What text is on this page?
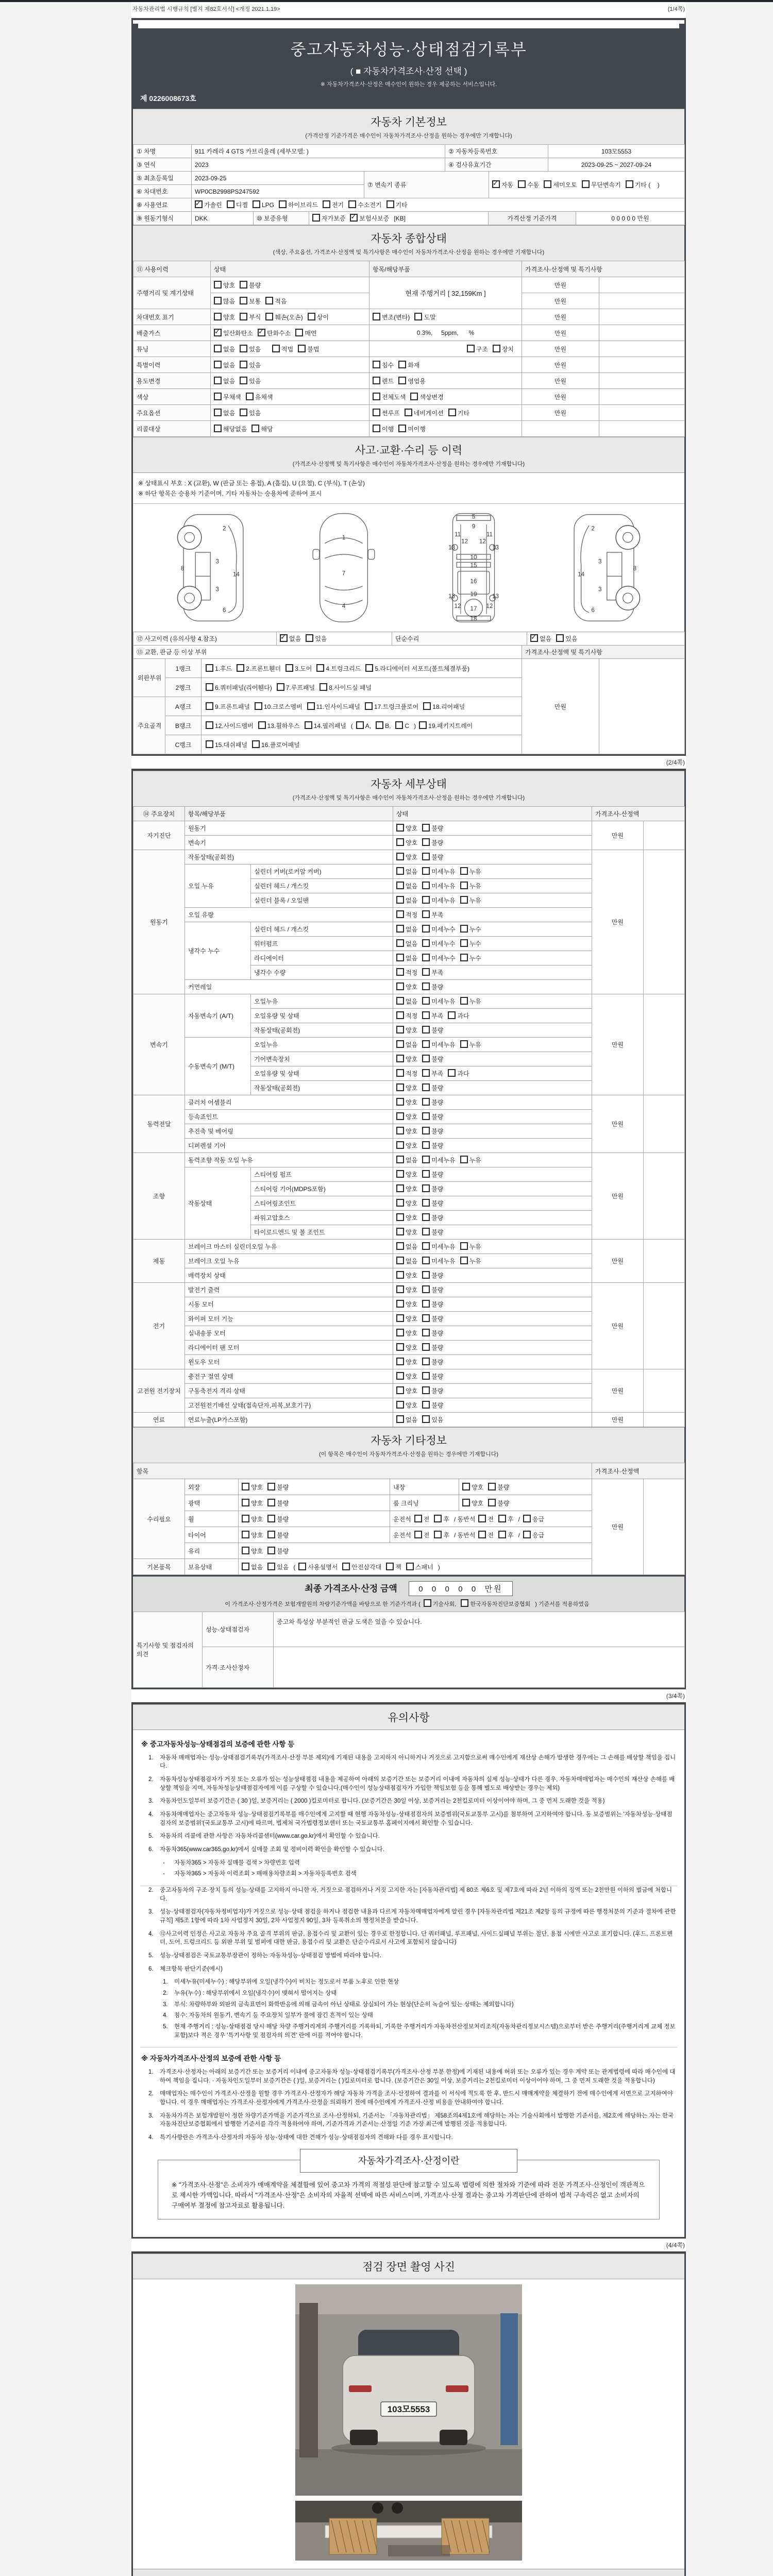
자동차관리법 시행규칙 [별지 제82호서식] <개정 2021.1.19>	(1/4쪽)
중고자동차성능·상태점검기록부
( ■ 자동차가격조사·산정 선택 )
※ 자동차가격조사·산정은 매수인이 원하는 경우 제공하는 서비스입니다.
제 0226008673호
자동차 기본정보
(가격산정 기준가격은 매수인이 자동차가격조사·산정을 원하는 경우에만 기재합니다)
① 차명	911 카레라 4 GTS 카브리올레 (세부모델: )	② 자동차등록번호	103모5553
③ 연식	2023	④ 검사유효기간	2023-09-25 ~ 2027-09-24
⑤ 최초등록일	2023-09-25	⑦ 변속기 종류	✓자동 수동 세미오토 무단변속기 기타 (    )
⑥ 차대번호	WP0CB2998PS247592		
⑧ 사용연료	✓가솔린 디젤 LPG 하이브리드 전기 수소전기 기타
⑨ 원동기형식	DKK	⑩ 보증유형	자가보증 ✓ 보험사보증 [KB]	가격산정 기준가격	0 0 0 0 0 만원
자동차 종합상태
(색상, 주요옵션, 가격조사·산정액 및 특기사항은 매수인이 자동차가격조사·산정을 원하는 경우에만 기재합니다)
⑪ 사용이력	상태	항목/해당부품	가격조사·산정액 및 특기사항	
주행거리 및 계기상태	양호 불량	현재 주행거리 [ 32,159Km ]	만원	
	많음 보통 적음		만원	
차대번호 표기	양호 부식 훼손(오손) 상이	변조(변타) 도말	만원	
배출가스	✓일산화탄소 ✓ 탄화수소 매연	0.3%,     5ppm,      %	만원	
튜닝	없음 있음 적법 불법	구조 장치	만원	
특별이력	없음 있음	침수 화재	만원	
용도변경	없음 있음	렌트 영업용	만원	
색상	무채색 유채색	전체도색 색상변경	만원	
주요옵션	없음 있음	썬루프 네비게이션 기타	만원	
리콜대상	해당없음 해당	이행 미이행		
사고·교환·수리 등 이력
(가격조사·산정액 및 특기사항은 매수인이 자동차가격조사·산정을 원하는 경우에만 기재합니다)
※ 상태표시 부호 : X (교환), W (판금 또는 용접), A (흠집), U (요철), C (부식), T (손상)
※ 하단 항목은 승용차 기준이며, 기타 자동차는 승용차에 준하여 표시
2
8
3
14
3
6
1
7
4
5
9
11	11
13	13
12 12
10
15
16
13	13
19
12	12
17
18
2
8
3
14
3
6
⑫ 사고이력 (유의사항 4.참조)	✓없음 있음	단순수리	✓없음 있음
⑬ 교환, 판금 등 이상 부위	가격조사·산정액 및 특기사항
외판부위	1랭크	1.후드 2.프론트휀더 3.도어 4.트렁크리드 5.라디에이터 서포트(볼트체결부품)	만원	
	2랭크	6.쿼터패널(리어휀다) 7.루프패널 8.사이드실 패널		
주요골격	A랭크	9.프론트패널 10.크로스멤버 11.인사이드패널 17.트렁크플로어 18.리어패널		
	B랭크	12.사이드멤버 13.휠하우스 14.필러패널 ( A, B, C ) 19.패키지트레이		
	C랭크	15.대쉬패널 16.플로어패널		
(2/4쪽)
자동차 세부상태
(가격조사·산정액 및 특기사항은 매수인이 자동차가격조사·산정을 원하는 경우에만 기재합니다)
⑭ 주요장치	항목/해당부품		상태	가격조사·산정액	
자기진단	원동기		양호 불량	만원	
	변속기		양호 불량		
원동기	작동상태(공회전)		양호 불량	만원	
	오일 누유	실린더 커버(로커암 커버)	없음 미세누유 누유		
		실린더 헤드 / 개스킷	없음 미세누유 누유		
		실린더 블록 / 오일팬	없음 미세누유 누유		
	오일 유량		적정 부족		
	냉각수 누수	실린더 헤드 / 개스킷	없음 미세누수 누수		
		워터펌프	없음 미세누수 누수		
		라디에이터	없음 미세누수 누수		
		냉각수 수량	적정 부족		
	커먼레일		양호 불량		
변속기	자동변속기 (A/T)	오일누유	없음 미세누유 누유	만원	
		오일유량 및 상태	적정 부족 과다		
		작동상태(공회전)	양호 불량		
	수동변속기 (M/T)	오일누유	없음 미세누유 누유		
		기어변속장치	양호 불량		
		오일유량 및 상태	적정 부족 과다		
		작동상태(공회전)	양호 불량		
동력전달	클러치 어셈블리		양호 불량	만원	
	등속죠인트		양호 불량		
	추진축 및 베어링		양호 불량		
	디퍼렌셜 기어		양호 불량		
조향	동력조향 작동 오일 누유		없음 미세누유 누유	만원	
	작동상태	스티어링 펌프	양호 불량		
		스티어링 기어(MDPS포함)	양호 불량		
		스티어링조인트	양호 불량		
		파워고압호스	양호 불량		
		타이로드엔드 및 볼 조인트	양호 불량		
제동	브레이크 마스터 실린더오일 누유		없음 미세누유 누유	만원	
	브레이크 오일 누유		없음 미세누유 누유		
	배력장치 상태		양호 불량		
전기	발전기 출력		양호 불량	만원	
	시동 모터		양호 불량		
	와이퍼 모터 기능		양호 불량		
	실내송풍 모터		양호 불량		
	라디에이터 팬 모터		양호 불량		
	윈도우 모터		양호 불량		
고전원 전기장치	충전구 절연 상태		양호 불량	만원	
	구동축전지 격리 상태		양호 불량		
	고전원전기배선 상태(접속단자,피복,보호기구)		양호 불량		
연료	연료누출(LP가스포함)		없음 있음	만원	
자동차 기타정보
(이 항목은 매수인이 자동차가격조사·산정을 원하는 경우에만 기재합니다)
항목					가격조사·산정액	
수리필요	외장	양호 불량	내장	양호 불량	만원	
	광택	양호 불량	룸 크리닝	양호 불량		
	휠	양호 불량	운전석 전 후 / 동반석 전 후 / 응급			
	타이어	양호 불량	운전석 전 후 / 동반석 전 후 / 응급			
	유리	양호 불량				
기본품목	보유상태	없음 있음 ( 사용설명서 안전삼각대 잭 스패너 )				
최종 가격조사·산정 금액	0  0  0  0  0  만원
이 가격조사·산정가격은 보험개발원의 차량기준가액을 바탕으로 한 기준가격과 ( 기술사회, 한국자동차진단보증협회 ) 기준서를 적용하였음
특기사항 및 점검자의 의견	성능·상태점검자	중고차 특성상 부분적인 판금 도색은 있을 수 있습니다.
	가격·조사산정자	
(3/4쪽)
유의사항
※ 중고자동차성능·상태점검의 보증에 관한 사항 등
1.	자동차 매매업자는 성능·상태점검기록부(가격조사·산정 부분 제외)에 기재된 내용을 고지하지 아니하거나 거짓으로 고지함으로써 매수인에게 재산상 손해가 발생한 경우에는 그 손해를 배상할 책임을 집니다.
2.	자동차성능상태점검자가 거짓 또는 오류가 있는 성능상태점검 내용을 제공하여 아래의 보증기간 또는 보증거리 이내에 자동차의 실제 성능·상태가 다른 경우, 자동차매매업자는 매수인의 재산상 손해를 배상할 책임을 지며, 자동차성능상태점검자에게 이를 구상할 수 있습니다.(매수인이 성능상태점검자가 가입한 책임보험 등을 통해 별도로 배상받는 경우는 제외)
3.	자동차인도일부터 보증기간은 ( 30 )일, 보증거리는 ( 2000 )킬로미터로 합니다. (보증기간은 30일 이상, 보증거리는 2천킬로미터 이상이어야 하며, 그 중 먼저 도래한 것을 적용)
4.	자동차매매업자는 중고자동차 성능·상태점검기록부를 매수인에게 고지할 때 현행 자동차성능·상태점검자의 보증범위(국토교통부 고시)를 첨부하여 고지하여야 합니다. 동 보증범위는 '자동차성능·상태점검자의 보증범위'(국토교통부 고시)에 따르며, 법제처 국가법령정보센터 또는 국토교통부 홈페이지에서 확인할 수 있습니다.
5.	자동차의 리콜에 관한 사항은 자동차리콜센터(www.car.go.kr)에서 확인할 수 있습니다.
6.	자동차365(www.car365.go.kr)에서 실매물 조회 및 정비이력 확인을 확인할 수 있습니다.
-	자동차365 > 자동차 실매물 검색 > 차량번호 입력
-	자동차365 > 자동차 이력조회 > 매매용차량조회 > 자동차등록번호 검색
2.	중고자동차의 구조·장치 등의 성능·상태를 고지하지 아니한 자, 거짓으로 점검하거나 거짓 고지한 자는 [자동차관리법] 제 80조 제6호 및 제7호에 따라 2년 이하의 징역 또는 2천만원 이하의 벌금에 처합니다.
3.	성능·상태점검자(자동차정비업자)가 거짓으로 성능·상태 점검을 하거나 점검한 내용과 다르게 자동차매매업자에게 알린 경우 [자동차관리법 제21조 제2항 등의 규정에 따른 행정처분의 기준과 절차에 관한 규칙] 제5조 1항에 따라 1차 사업정지 30일, 2차 사업정지 90일, 3차 등록취소의 행정처분을 받습니다.
4.	⑫사고이력 인정은 사고로 자동차 주요 골격 부위의 판금, 용접수리 및 교환이 있는 경우로 한정합니다. 단 쿼터패널, 루프패널, 사이드실패널 부위는 절단, 용접 시에만 사고로 표기합니다. (후드, 프론트펜더, 도어, 트렁크리드 등 외판 부위 및 범퍼에 대한 판금, 용접수리 및 교환은 단순수리로서 사고에 포함되지 않습니다)
5.	성능·상태점검은 국토교통부장관이 정하는 자동차성능·상태점검 방법에 따라야 합니다.
6.	체크항목 판단기준(예시)
1.	미세누유(미세누수) : 해당부위에 오일(냉각수)이 비치는 정도로서 부품 노후로 인한 현상
2.	누유(누수) : 해당부위에서 오일(냉각수)이 맺혀서 떨어지는 상태
3.	부식: 차량하부와 외판의 금속표면이 화학반응에 의해 금속이 아닌 상태로 상실되어 가는 현상(단순히 녹슬어 있는 상태는 제외합니다)
4.	침수: 자동차의 원동기, 변속기 등 주요장치 일부가 물에 잠긴 흔적이 있는 상태
5.	현재 주행거리 : 성능·상태점검 당시 해당 차량 주행거리계의 주행거리를 기록하되, 기록한 주행거리가 자동차전산정보처리조직(자동차관리정보시스템)으로부터 받은 주행거리(주행거리계 교체 정보 포함)보다 적은 경우 '특기사항 및 점검자의 의견' 란에 이를 적어야 합니다.
※ 자동차가격조사·산정의 보증에 관한 사항 등
1.	가격조사·산정자는 아래의 보증기간 또는 보증거리 이내에 중고자동차 성능·상태점검기록부(가격조사·산정 부분 한정)에 기재된 내용에 허위 또는 오류가 있는 경우 계약 또는 관계법령에 따라 매수인에 대하여 책임을 집니다. · 자동차인도일부터 보증기간은 ( )일, 보증거리는 ( )킬로미터로 합니다. (보증기간은 30일 이상, 보증거리는 2천킬로미터 이상이어야 하며, 그 중 먼저 도래한 것을 적용합니다)
2.	매매업자는 매수인이 가격조사·산정을 원할 경우 가격조사·산정자가 해당 자동차 가격을 조사·산정하여 결과를 이 서식에 적도록 한 후, 반드시 매매계약을 체결하기 전에 매수인에게 서면으로 고지하여야 합니다. 이 경우 매매업자는 가격조사·산정자에게 가격조사·산정을 의뢰하기 전에 매수인에게 가격조사·산정 비용을 안내하여야 합니다.
3.	자동차가격은 보험개발원이 정한 차량기준가액을 기준가격으로 조사·산정하되, 기준서는 「자동차관리법」 제58조의4제1호에 해당하는 자는 기술사회에서 발행한 기준서를, 제2호에 해당하는 자는 한국자동차진단보증협회에서 발행한 기준서를 각각 적용하여야 하며, 기준가격과 기준서는 산정일 기준 가장 최근에 발행된 것을 적용합니다.
4.	특기사항란은 가격조사·산정자의 자동차 성능·상태에 대한 견해가 성능·상태점검자의 견해와 다를 경우 표시합니다.
자동차가격조사·산정이란
※ "가격조사·산정"은 소비자가 매매계약을 체결함에 있어 중고차 가격의 적절성 판단에 참고할 수 있도록 법령에 의한 절차와 기준에 따라 전문 가격조사·산정인이 객관적으로 제시한 가액입니다. 따라서 "가격조사·산정"은 소비자의 자율적 선택에 따른 서비스이며, 가격조사·산정 결과는 중고차 가격판단에 관하여 법적 구속력은 없고 소비자의 구매여부 결정에 참고자료로 활용됩니다.
(4/4쪽)
점검 장면 촬영 사진
103모5553
